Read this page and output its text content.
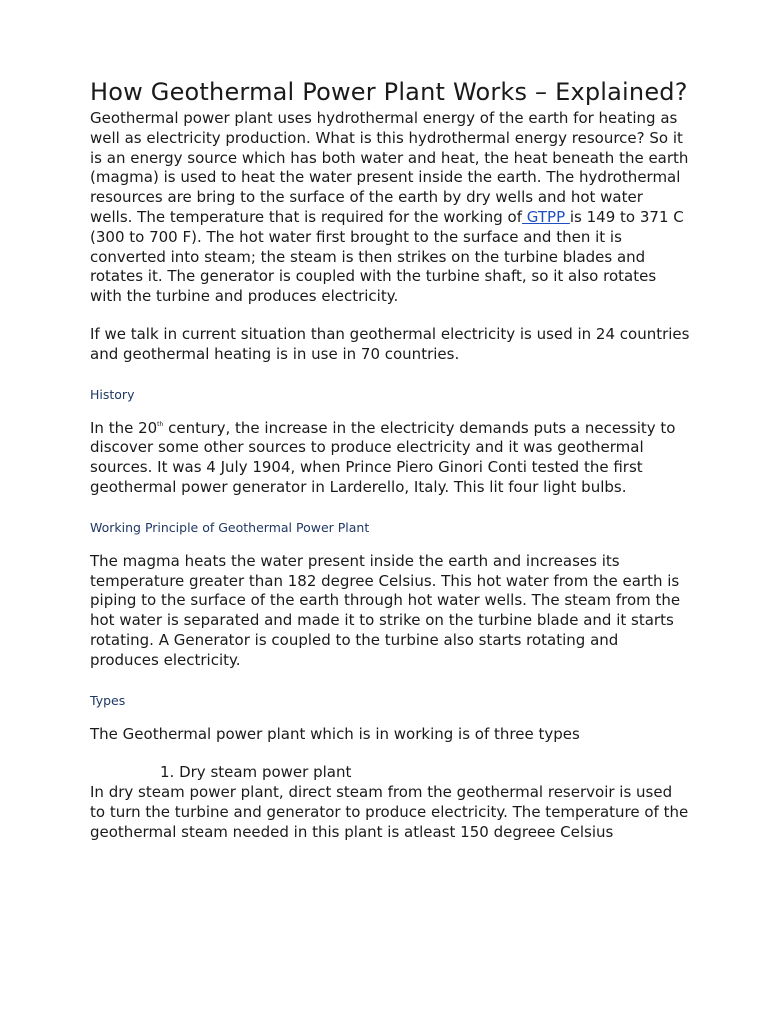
How Geothermal Power Plant Works – Explained?

Geothermal power plant uses hydrothermal energy of the earth for heating as well as electricity production. What is this hydrothermal energy resource? So it is an energy source which has both water and heat, the heat beneath the earth (magma) is used to heat the water present inside the earth. The hydrothermal resources are bring to the surface of the earth by dry wells and hot water wells. The temperature that is required for the working of GTPP is 149 to 371 C (300 to 700 F). The hot water first brought to the surface and then it is converted into steam; the steam is then strikes on the turbine blades and rotates it. The generator is coupled with the turbine shaft, so it also rotates with the turbine and produces electricity.

If we talk in current situation than geothermal electricity is used in 24 countries and geothermal heating is in use in 70 countries.

History

In the 20th century, the increase in the electricity demands puts a necessity to discover some other sources to produce electricity and it was geothermal sources. It was 4 July 1904, when Prince Piero Ginori Conti tested the first geothermal power generator in Larderello, Italy. This lit four light bulbs.

Working Principle of Geothermal Power Plant

The magma heats the water present inside the earth and increases its temperature greater than 182 degree Celsius. This hot water from the earth is piping to the surface of the earth through hot water wells. The steam from the hot water is separated and made it to strike on the turbine blade and it starts rotating. A Generator is coupled to the turbine also starts rotating and produces electricity.

Types

The Geothermal power plant which is in working is of three types

1. Dry steam power plant

In dry steam power plant, direct steam from the geothermal reservoir is used to turn the turbine and generator to produce electricity. The temperature of the geothermal steam needed in this plant is atleast 150 degreee Celsius
